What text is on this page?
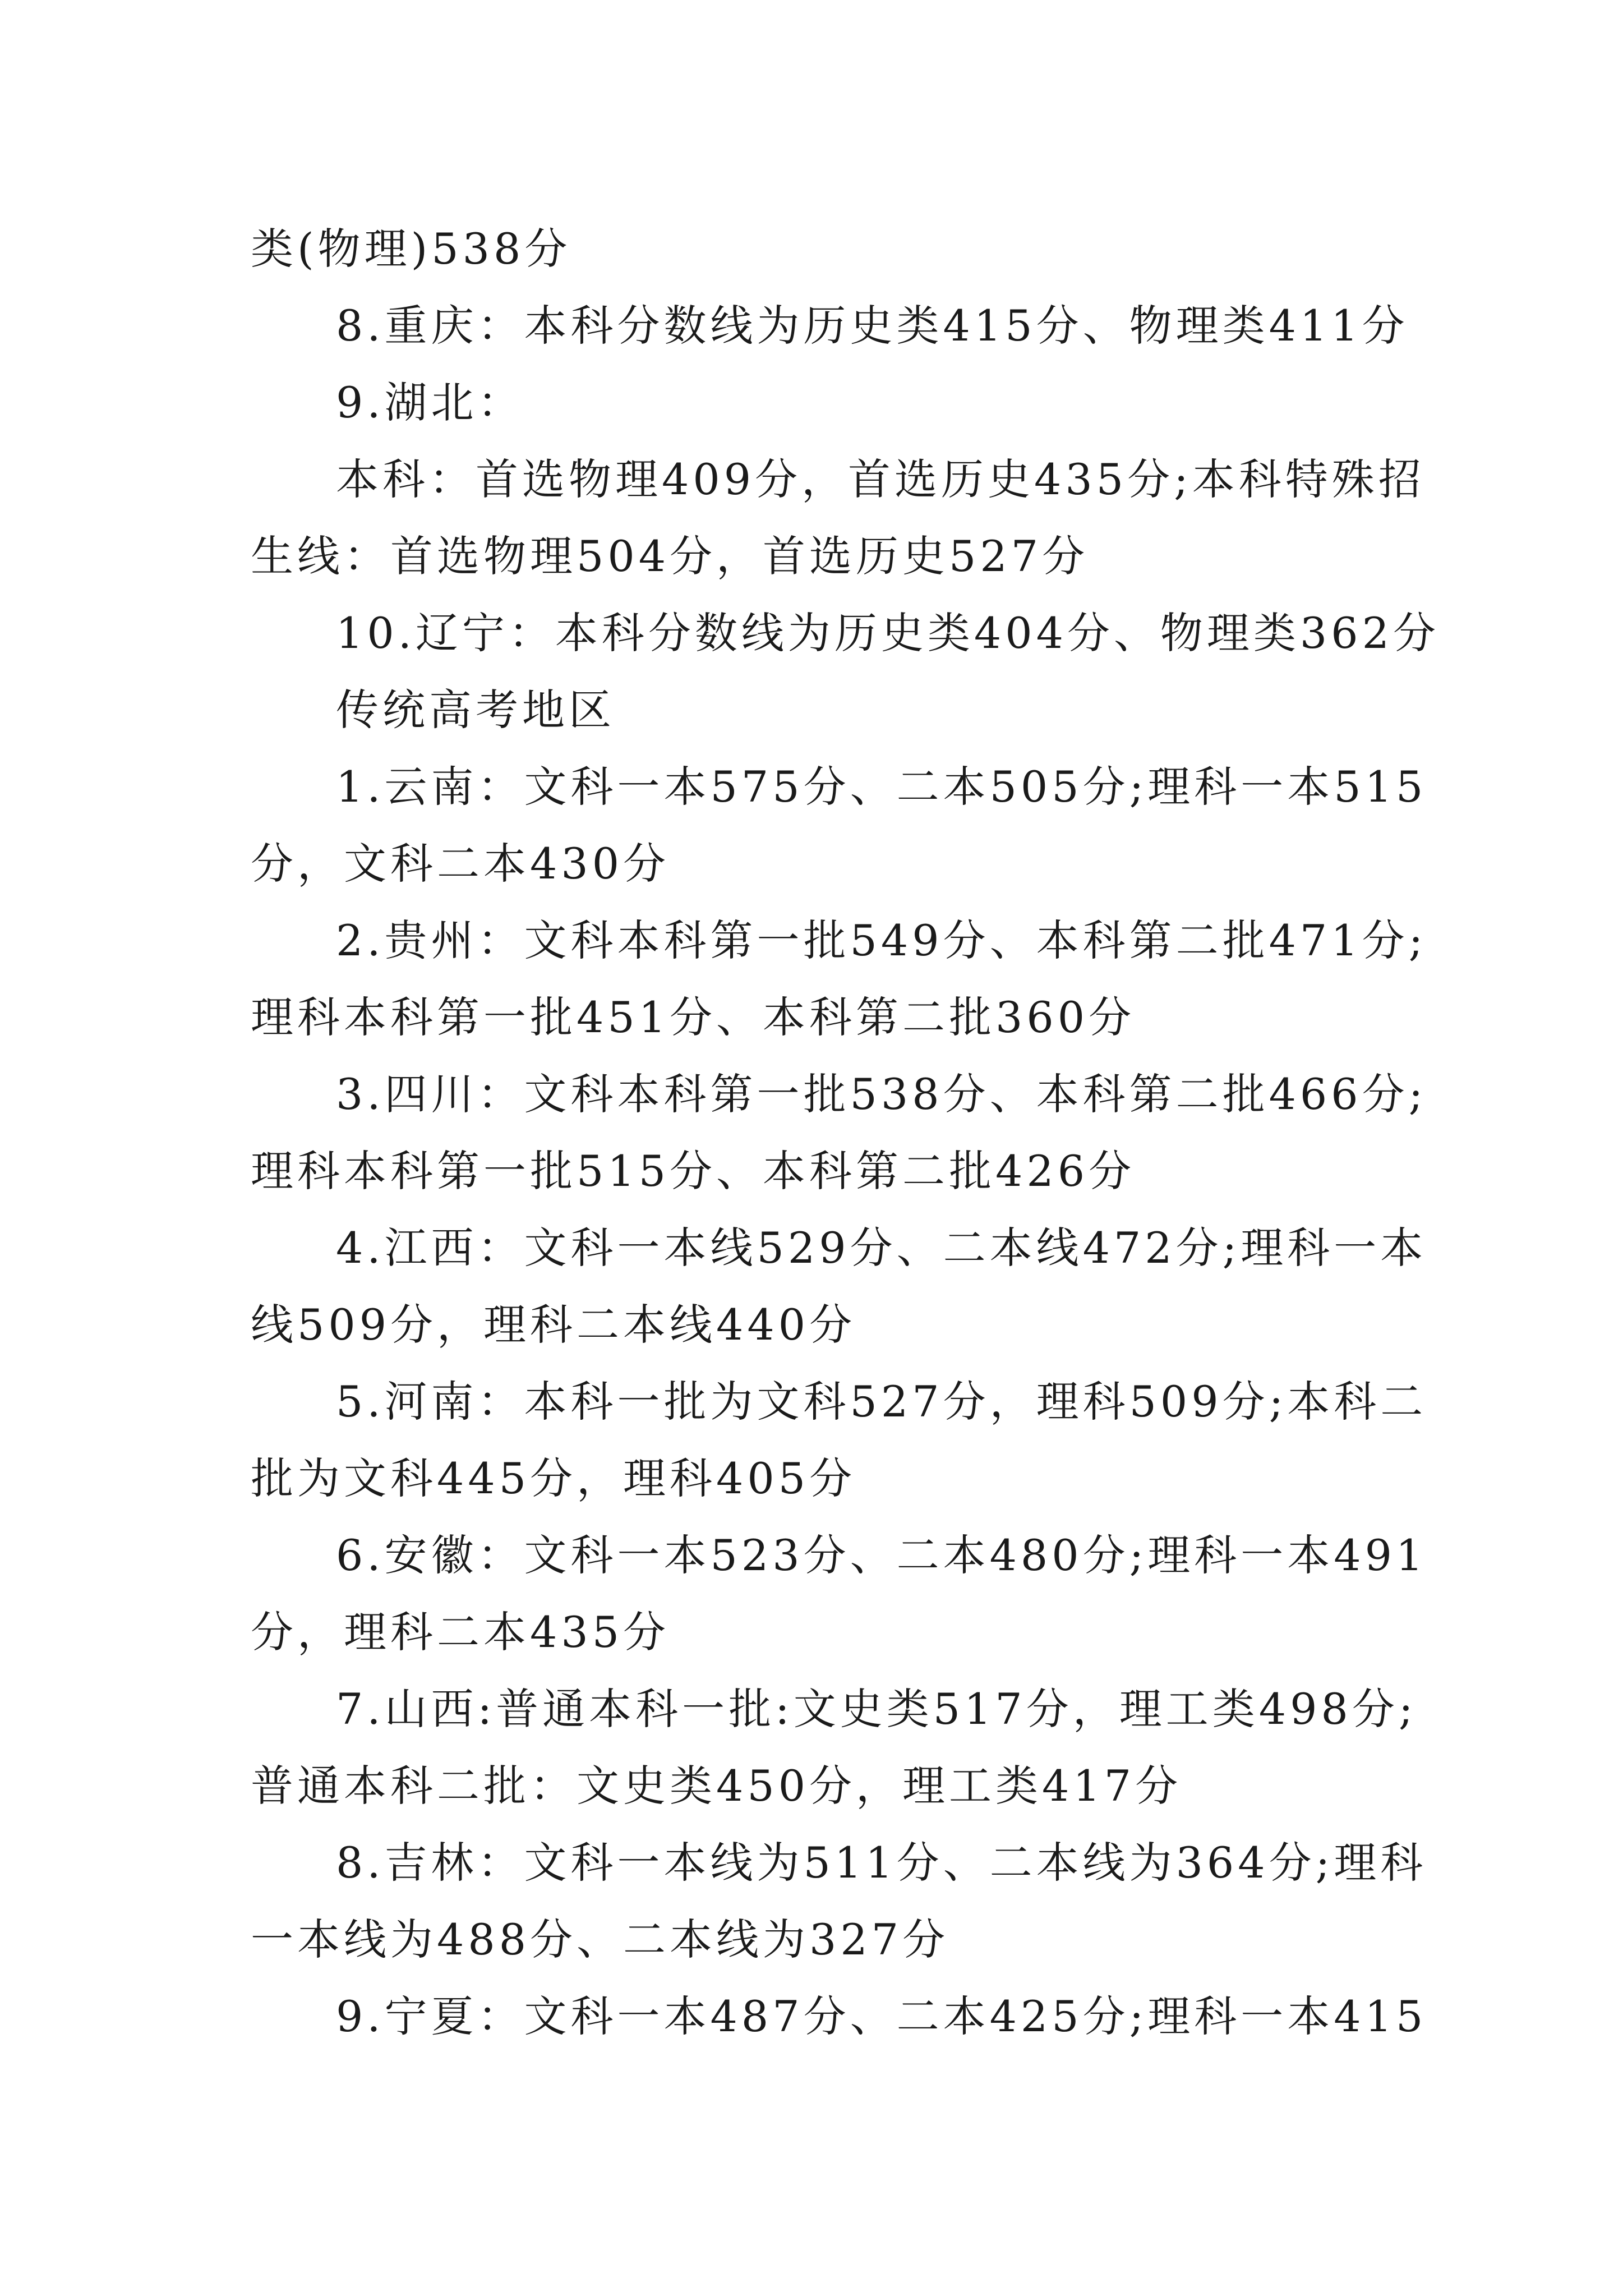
类(物理)538分
8.重庆：本科分数线为历史类415分、物理类411分
9.湖北：
本科：首选物理409分，首选历史435分;本科特殊招
生线：首选物理504分，首选历史527分
10.辽宁：本科分数线为历史类404分、物理类362分
传统高考地区
1.云南：文科一本575分、二本505分;理科一本515
分，文科二本430分
2.贵州：文科本科第一批549分、本科第二批471分;
理科本科第一批451分、本科第二批360分
3.四川：文科本科第一批538分、本科第二批466分;
理科本科第一批515分、本科第二批426分
4.江西：文科一本线529分、二本线472分;理科一本
线509分，理科二本线440分
5.河南：本科一批为文科527分，理科509分;本科二
批为文科445分，理科405分
6.安徽：文科一本523分、二本480分;理科一本491
分，理科二本435分
7.山西:普通本科一批:文史类517分，理工类498分;
普通本科二批：文史类450分，理工类417分
8.吉林：文科一本线为511分、二本线为364分;理科
一本线为488分、二本线为327分
9.宁夏：文科一本487分、二本425分;理科一本415
